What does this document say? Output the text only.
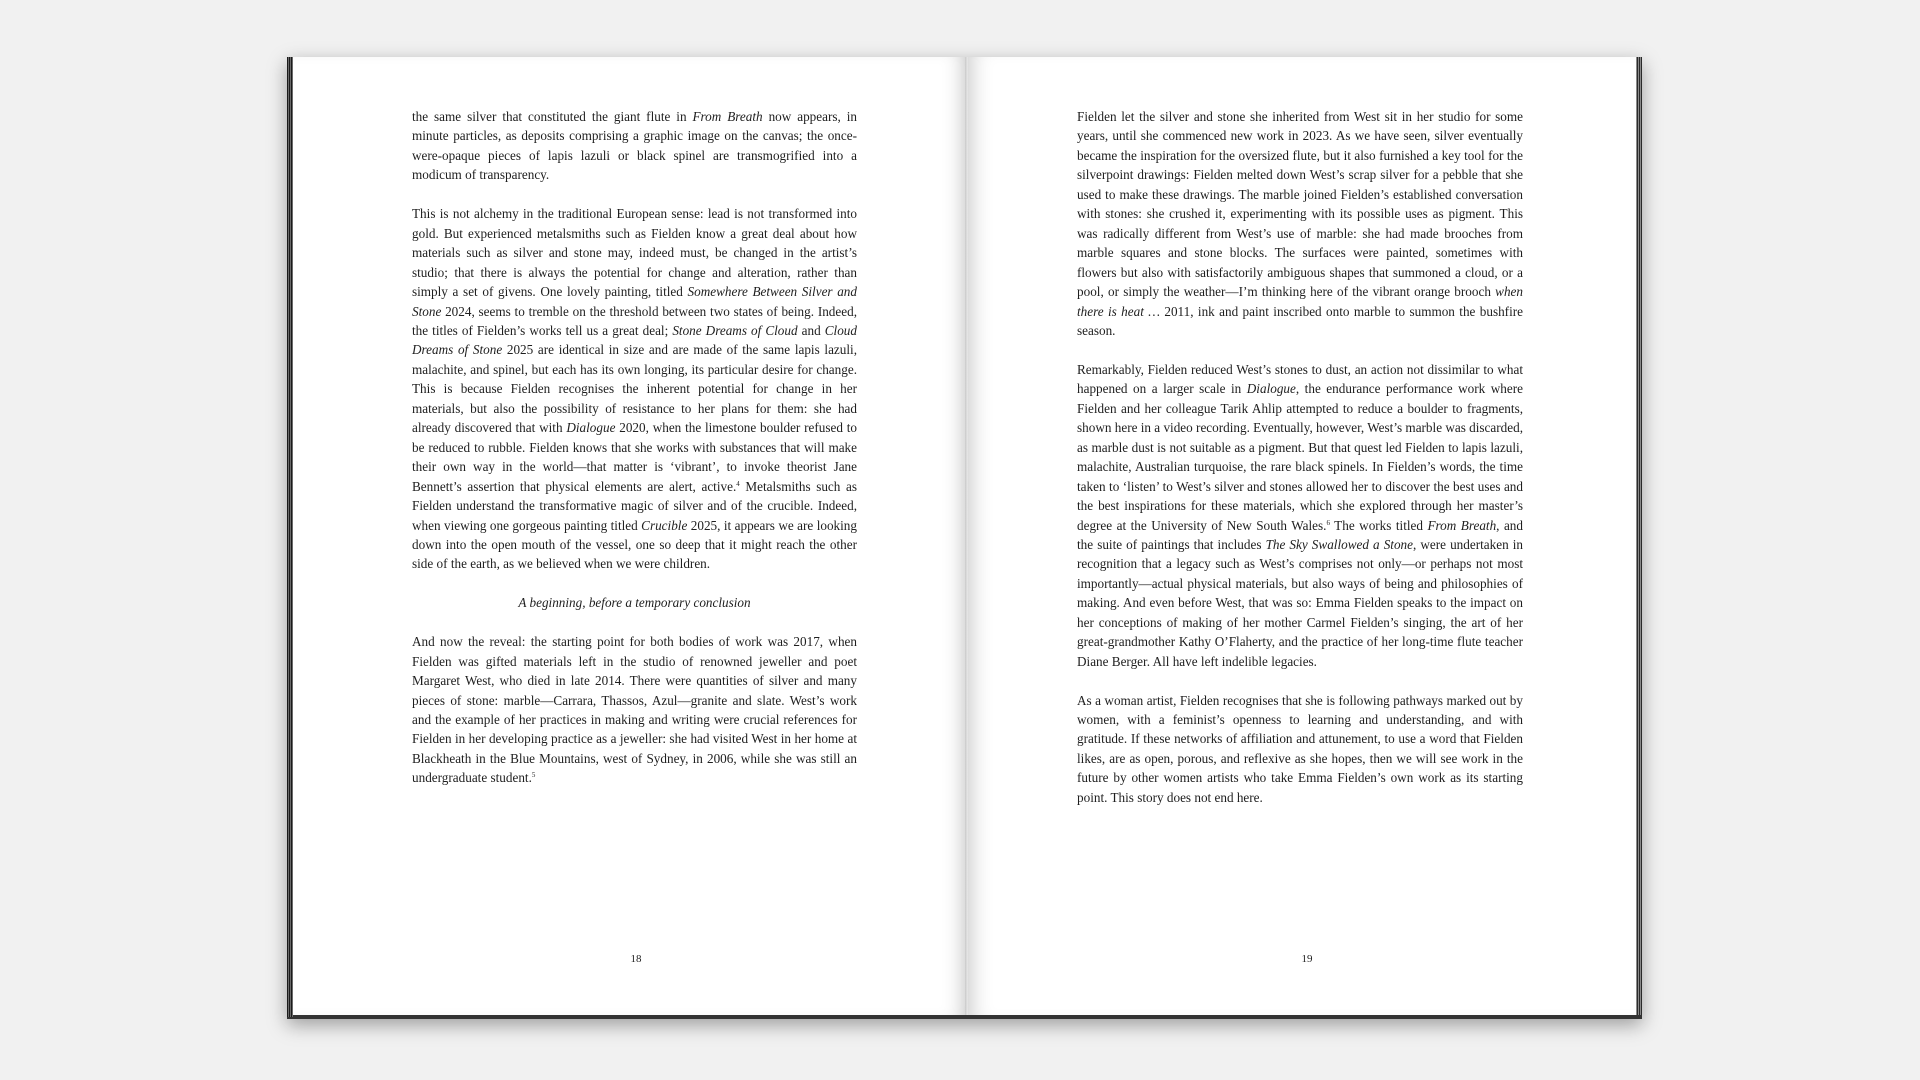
the same silver that constituted the giant flute in From Breath now appears, in minute particles, as deposits comprising a graphic image on the canvas; the once-were-opaque pieces of lapis lazuli or black spinel are transmogrified into a modicum of transparency.

This is not alchemy in the traditional European sense: lead is not transformed into gold. But experienced metalsmiths such as Fielden know a great deal about how materials such as silver and stone may, indeed must, be changed in the artist’s studio; that there is always the potential for change and alteration, rather than simply a set of givens. One lovely painting, titled Somewhere Between Silver and Stone 2024, seems to tremble on the threshold between two states of being. Indeed, the titles of Fielden’s works tell us a great deal; Stone Dreams of Cloud and Cloud Dreams of Stone 2025 are identical in size and are made of the same lapis lazuli, malachite, and spinel, but each has its own longing, its particular desire for change. This is because Fielden recognises the inherent potential for change in her materials, but also the possibility of resistance to her plans for them: she had already discovered that with Dialogue 2020, when the limestone boulder refused to be reduced to rubble. Fielden knows that she works with substances that will make their own way in the world—that matter is ‘vibrant’, to invoke theorist Jane Bennett’s assertion that physical elements are alert, active.$^4$ Metalsmiths such as Fielden understand the transformative magic of silver and of the crucible. Indeed, when viewing one gorgeous painting titled Crucible 2025, it appears we are looking down into the open mouth of the vessel, one so deep that it might reach the other side of the earth, as we believed when we were children.

A beginning, before a temporary conclusion

And now the reveal: the starting point for both bodies of work was 2017, when Fielden was gifted materials left in the studio of renowned jeweller and poet Margaret West, who died in late 2014. There were quantities of silver and many pieces of stone: marble—Carrara, Thassos, Azul—granite and slate. West’s work and the example of her practices in making and writing were crucial references for Fielden in her developing practice as a jeweller: she had visited West in her home at Blackheath in the Blue Mountains, west of Sydney, in 2006, while she was still an undergraduate student.$^5$

18

Fielden let the silver and stone she inherited from West sit in her studio for some years, until she commenced new work in 2023. As we have seen, silver eventually became the inspiration for the oversized flute, but it also furnished a key tool for the silverpoint drawings: Fielden melted down West’s scrap silver for a pebble that she used to make these drawings. The marble joined Fielden’s established conversation with stones: she crushed it, experimenting with its possible uses as pigment. This was radically different from West’s use of marble: she had made brooches from marble squares and stone blocks. The surfaces were painted, sometimes with flowers but also with satisfactorily ambiguous shapes that summoned a cloud, or a pool, or simply the weather—I’m thinking here of the vibrant orange brooch when there is heat … 2011, ink and paint inscribed onto marble to summon the bushfire season.

Remarkably, Fielden reduced West’s stones to dust, an action not dissimilar to what happened on a larger scale in Dialogue, the endurance performance work where Fielden and her colleague Tarik Ahlip attempted to reduce a boulder to fragments, shown here in a video recording. Eventually, however, West’s marble was discarded, as marble dust is not suitable as a pigment. But that quest led Fielden to lapis lazuli, malachite, Australian turquoise, the rare black spinels. In Fielden’s words, the time taken to ‘listen’ to West’s silver and stones allowed her to discover the best uses and the best inspirations for these materials, which she explored through her master’s degree at the University of New South Wales.$^6$ The works titled From Breath, and the suite of paintings that includes The Sky Swallowed a Stone, were undertaken in recognition that a legacy such as West’s comprises not only—or perhaps not most importantly—actual physical materials, but also ways of being and philosophies of making. And even before West, that was so: Emma Fielden speaks to the impact on her conceptions of making of her mother Carmel Fielden’s singing, the art of her great-grandmother Kathy O’Flaherty, and the practice of her long-time flute teacher Diane Berger. All have left indelible legacies.

As a woman artist, Fielden recognises that she is following pathways marked out by women, with a feminist’s openness to learning and understanding, and with gratitude. If these networks of affiliation and attunement, to use a word that Fielden likes, are as open, porous, and reflexive as she hopes, then we will see work in the future by other women artists who take Emma Fielden’s own work as its starting point. This story does not end here.

19
